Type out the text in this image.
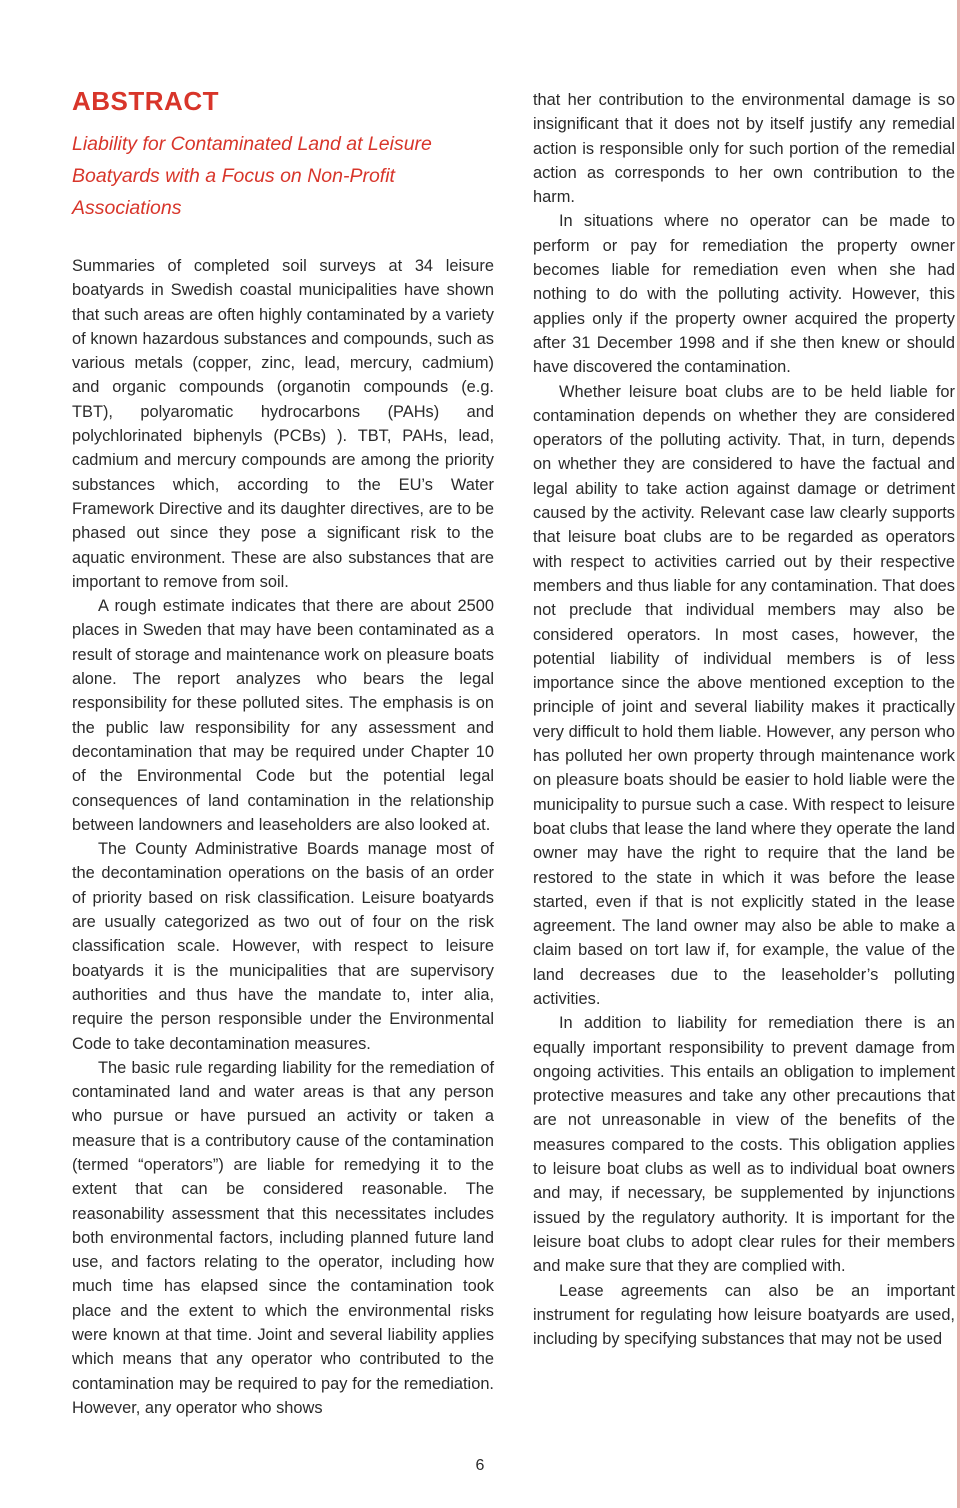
ABSTRACT
Liability for Contaminated Land at Leisure Boatyards with a Focus on Non-Profit Associations

Summaries of completed soil surveys at 34 leisure boatyards in Swedish coastal municipalities have shown that such areas are often highly contaminated by a variety of known hazardous substances and compounds, such as various metals (copper, zinc, lead, mercury, cadmium) and organic compounds (organotin compounds (e.g. TBT), polyaromatic hydrocarbons (PAHs) and polychlorinated biphenyls (PCBs) ). TBT, PAHs, lead, cadmium and mercury compounds are among the priority substances which, according to the EU’s Water Framework Directive and its daughter directives, are to be phased out since they pose a significant risk to the aquatic environment. These are also substances that are important to remove from soil.

A rough estimate indicates that there are about 2500 places in Sweden that may have been contaminated as a result of storage and maintenance work on pleasure boats alone. The report analyzes who bears the legal responsibility for these polluted sites. The emphasis is on the public law responsibility for any assessment and decontamination that may be required under Chapter 10 of the Environmental Code but the potential legal consequences of land contamination in the relationship between landowners and leaseholders are also looked at.

The County Administrative Boards manage most of the decontamination operations on the basis of an order of priority based on risk classification. Leisure boatyards are usually categorized as two out of four on the risk classification scale. However, with respect to leisure boatyards it is the municipalities that are supervisory authorities and thus have the mandate to, inter alia, require the person responsible under the Environmental Code to take decontamination measures.

The basic rule regarding liability for the remediation of contaminated land and water areas is that any person who pursue or have pursued an activity or taken a measure that is a contributory cause of the contamination (termed “operators”) are liable for remedying it to the extent that can be considered reasonable. The reasonability assessment that this necessitates includes both environmental factors, including planned future land use, and factors relating to the operator, including how much time has elapsed since the contamination took place and the extent to which the environmental risks were known at that time. Joint and several liability applies which means that any operator who contributed to the contamination may be required to pay for the remediation. However, any operator who shows

that her contribution to the environmental damage is so insignificant that it does not by itself justify any remedial action is responsible only for such portion of the remedial action as corresponds to her own contribution to the harm.

In situations where no operator can be made to perform or pay for remediation the property owner becomes liable for remediation even when she had nothing to do with the polluting activity. However, this applies only if the property owner acquired the property after 31 December 1998 and if she then knew or should have discovered the contamination.

Whether leisure boat clubs are to be held liable for contamination depends on whether they are considered operators of the polluting activity. That, in turn, depends on whether they are considered to have the factual and legal ability to take action against damage or detriment caused by the activity. Relevant case law clearly supports that leisure boat clubs are to be regarded as operators with respect to activities carried out by their respective members and thus liable for any contamination. That does not preclude that individual members may also be considered operators. In most cases, however, the potential liability of individual members is of less importance since the above mentioned exception to the principle of joint and several liability makes it practically very difficult to hold them liable. However, any person who has polluted her own property through maintenance work on pleasure boats should be easier to hold liable were the municipality to pursue such a case. With respect to leisure boat clubs that lease the land where they operate the land owner may have the right to require that the land be restored to the state in which it was before the lease started, even if that is not explicitly stated in the lease agreement. The land owner may also be able to make a claim based on tort law if, for example, the value of the land decreases due to the leaseholder’s polluting activities.

In addition to liability for remediation there is an equally important responsibility to prevent damage from ongoing activities. This entails an obligation to implement protective measures and take any other precautions that are not unreasonable in view of the benefits of the measures compared to the costs. This obligation applies to leisure boat clubs as well as to individual boat owners and may, if necessary, be supplemented by injunctions issued by the regulatory authority. It is important for the leisure boat clubs to adopt clear rules for their members and make sure that they are complied with.

Lease agreements can also be an important instrument for regulating how leisure boatyards are used, including by specifying substances that may not be used

6
